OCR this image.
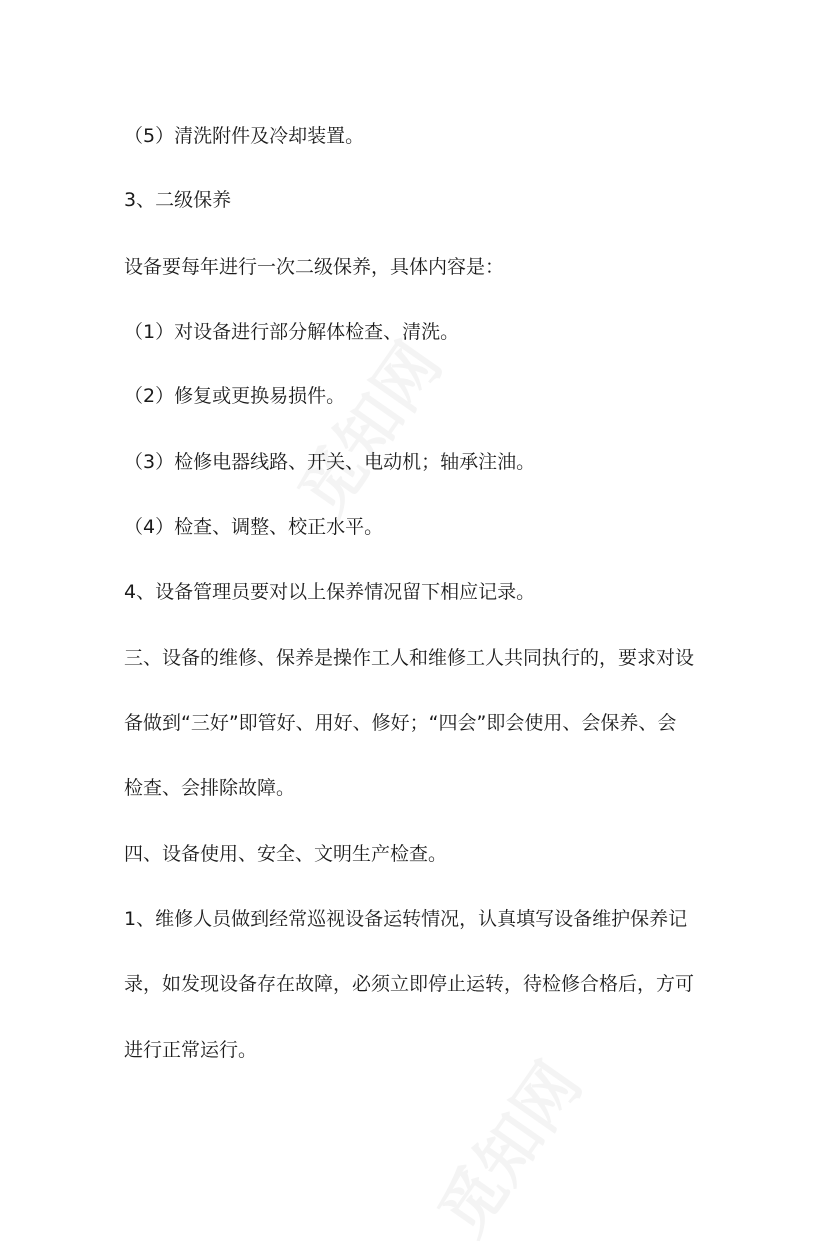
（5）清洗附件及冷却装置。
3、二级保养
设备要每年进行一次二级保养，具体内容是：
（1）对设备进行部分解体检查、清洗。
（2）修复或更换易损件。
（3）检修电器线路、开关、电动机；轴承注油。
（4）检查、调整、校正水平。
4、设备管理员要对以上保养情况留下相应记录。
三、设备的维修、保养是操作工人和维修工人共同执行的，要求对设
备做到“三好”即管好、用好、修好；“四会”即会使用、会保养、会
检查、会排除故障。
四、设备使用、安全、文明生产检查。
1、维修人员做到经常巡视设备运转情况，认真填写设备维护保养记
录，如发现设备存在故障，必须立即停止运转，待检修合格后，方可
进行正常运行。
